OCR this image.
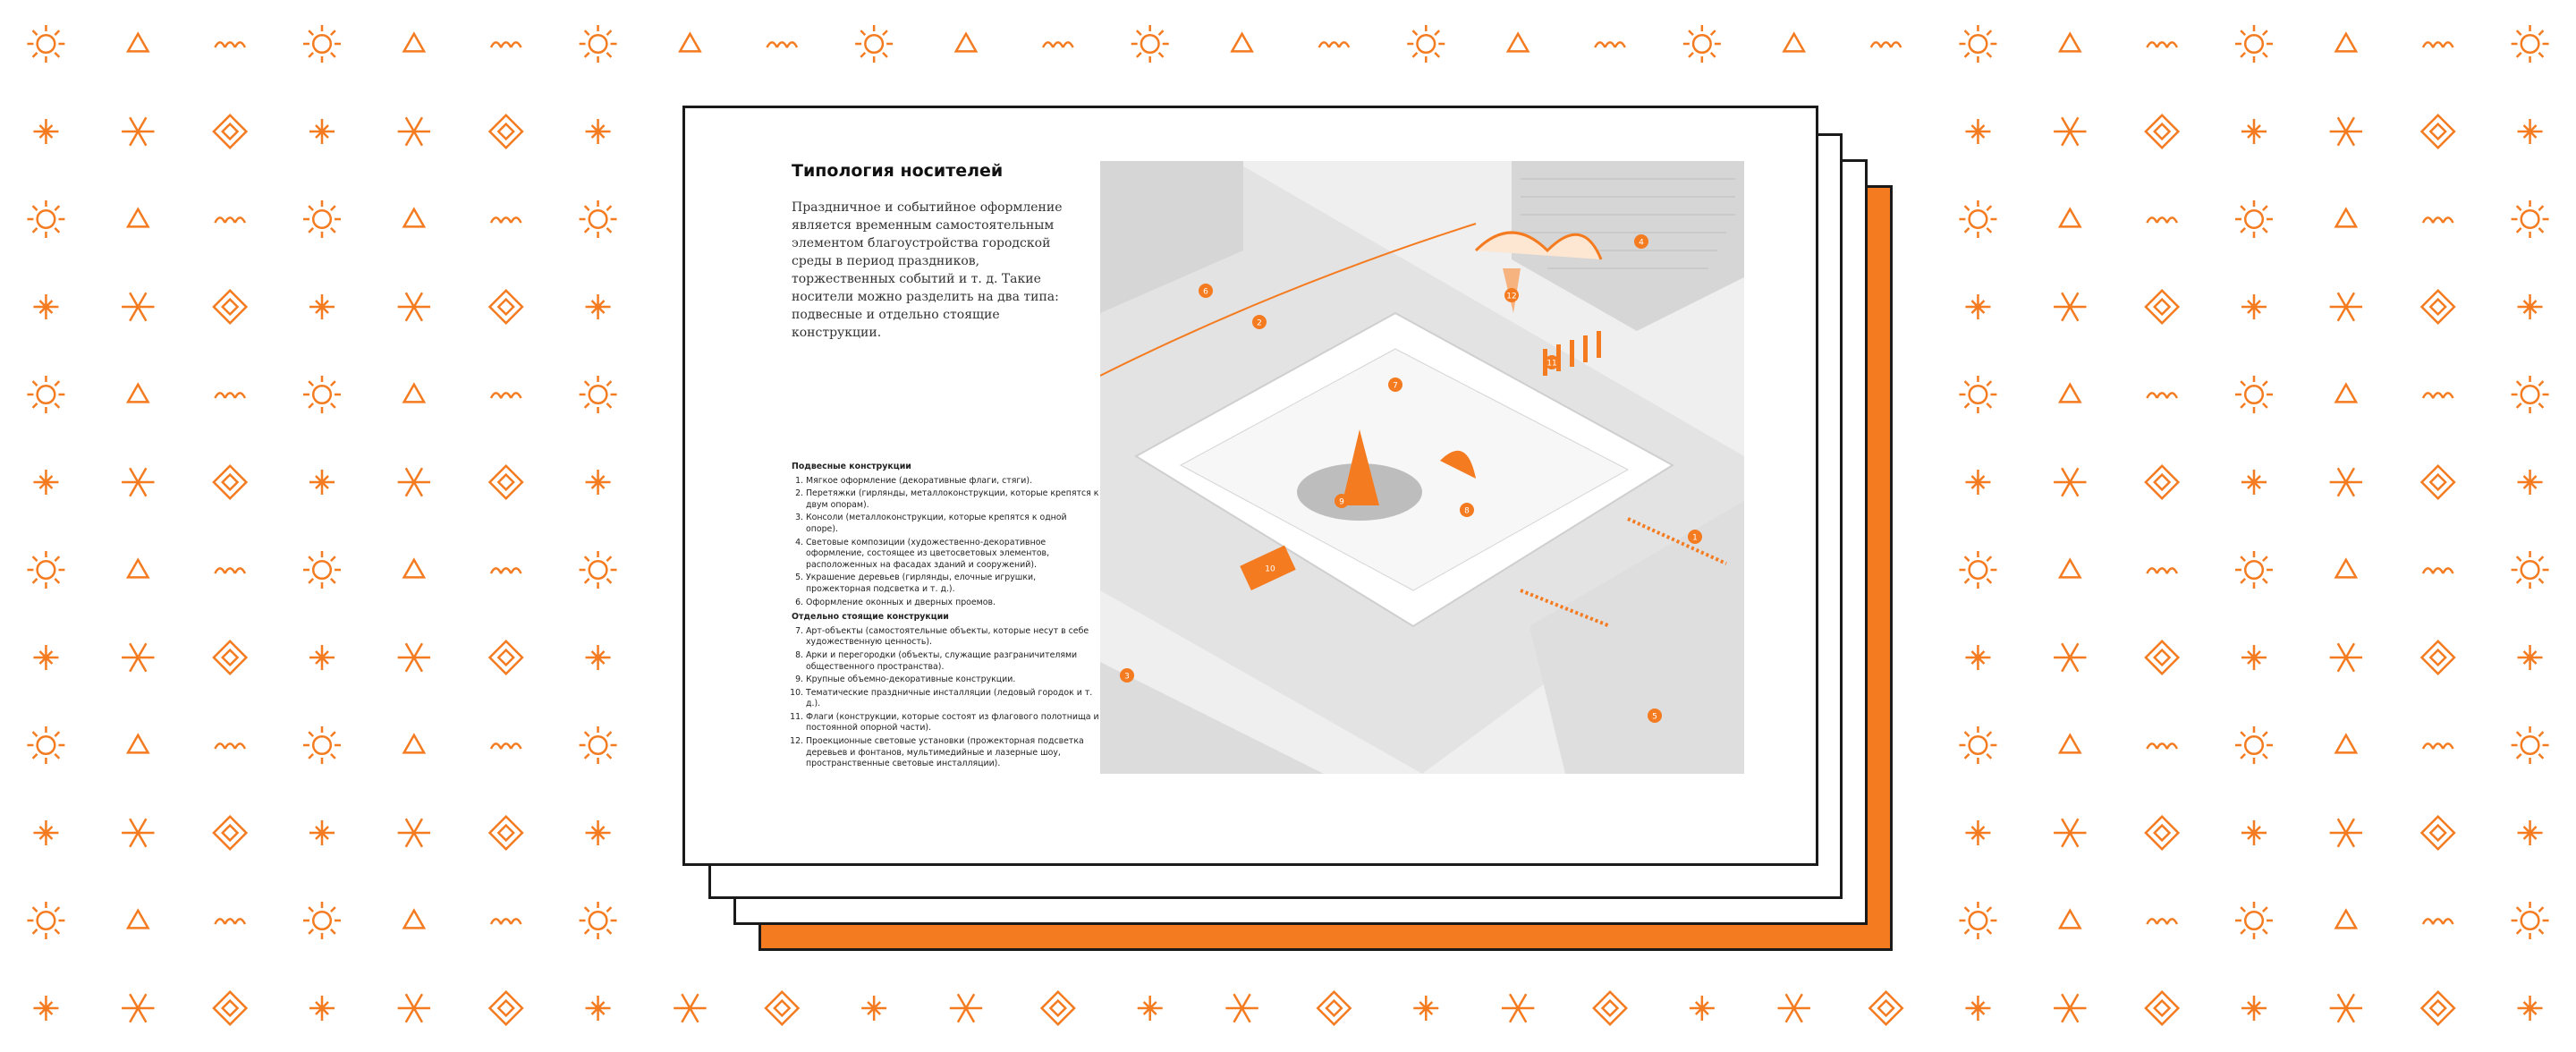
Типология носителей

Праздничное и событийное оформление является временным самостоятельным элементом благоустройства городской среды в период праздников, торжественных событий и т. д. Такие носители можно разделить на два типа: подвесные и отдельно стоящие конструкции.

Подвесные конструкции
1. Мягкое оформление (декоративные флаги, стяги).
2. Перетяжки (гирлянды, металлоконструкции, которые крепятся к двум опорам).
3. Консоли (металлоконструкции, которые крепятся к одной опоре).
4. Световые композиции (художественно-декоративное оформление, состоящее из цветосветовых элементов, расположенных на фасадах зданий и сооружений).
5. Украшение деревьев (гирлянды, елочные игрушки, прожекторная подсветка и т. д.).
6. Оформление оконных и дверных проемов.
Отдельно стоящие конструкции
7. Арт-объекты (самостоятельные объекты, которые несут в себе художественную ценность).
8. Арки и перегородки (объекты, служащие разграничителями общественного пространства).
9. Крупные объемно-декоративные конструкции.
10. Тематические праздничные инсталляции (ледовый городок и т. д.).
11. Флаги (конструкции, которые состоят из флагового полотнища и постоянной опорной части).
12. Проекционные световые установки (прожекторная подсветка деревьев и фонтанов, мультимедийные и лазерные шоу, пространственные световые инсталляции).
1
2
3
4
5
6
7
8
9
10
11
12
